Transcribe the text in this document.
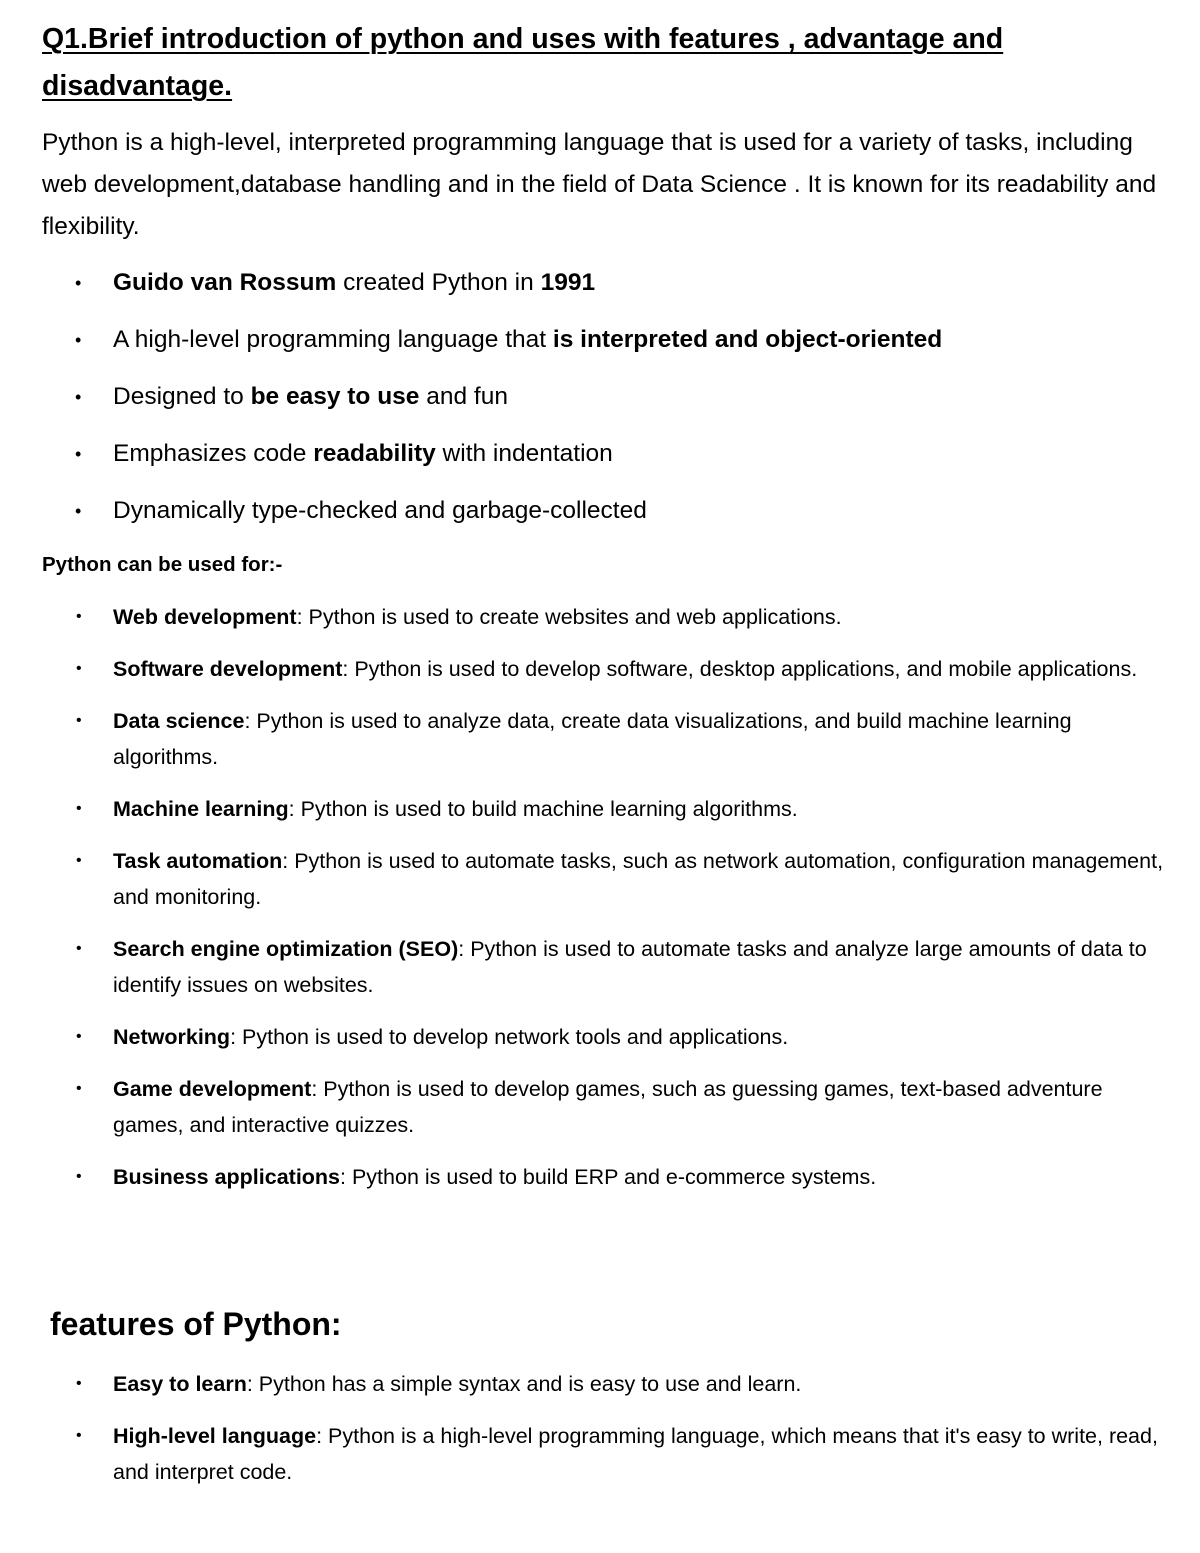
Q1.Brief introduction of python and uses with features , advantage and disadvantage.

Python is a high-level, interpreted programming language that is used for a variety of tasks, including web development,database handling and in the field of Data Science . It is known for its readability and flexibility.

• Guido van Rossum created Python in 1991
• A high-level programming language that is interpreted and object-oriented
• Designed to be easy to use and fun
• Emphasizes code readability with indentation
• Dynamically type-checked and garbage-collected

Python can be used for:-

• Web development: Python is used to create websites and web applications.
• Software development: Python is used to develop software, desktop applications, and mobile applications.
• Data science: Python is used to analyze data, create data visualizations, and build machine learning algorithms.
• Machine learning: Python is used to build machine learning algorithms.
• Task automation: Python is used to automate tasks, such as network automation, configuration management, and monitoring.
• Search engine optimization (SEO): Python is used to automate tasks and analyze large amounts of data to identify issues on websites.
• Networking: Python is used to develop network tools and applications.
• Game development: Python is used to develop games, such as guessing games, text-based adventure games, and interactive quizzes.
• Business applications: Python is used to build ERP and e-commerce systems.
features of Python:
• Easy to learn: Python has a simple syntax and is easy to use and learn.
• High-level language: Python is a high-level programming language, which means that it's easy to write, read, and interpret code.
